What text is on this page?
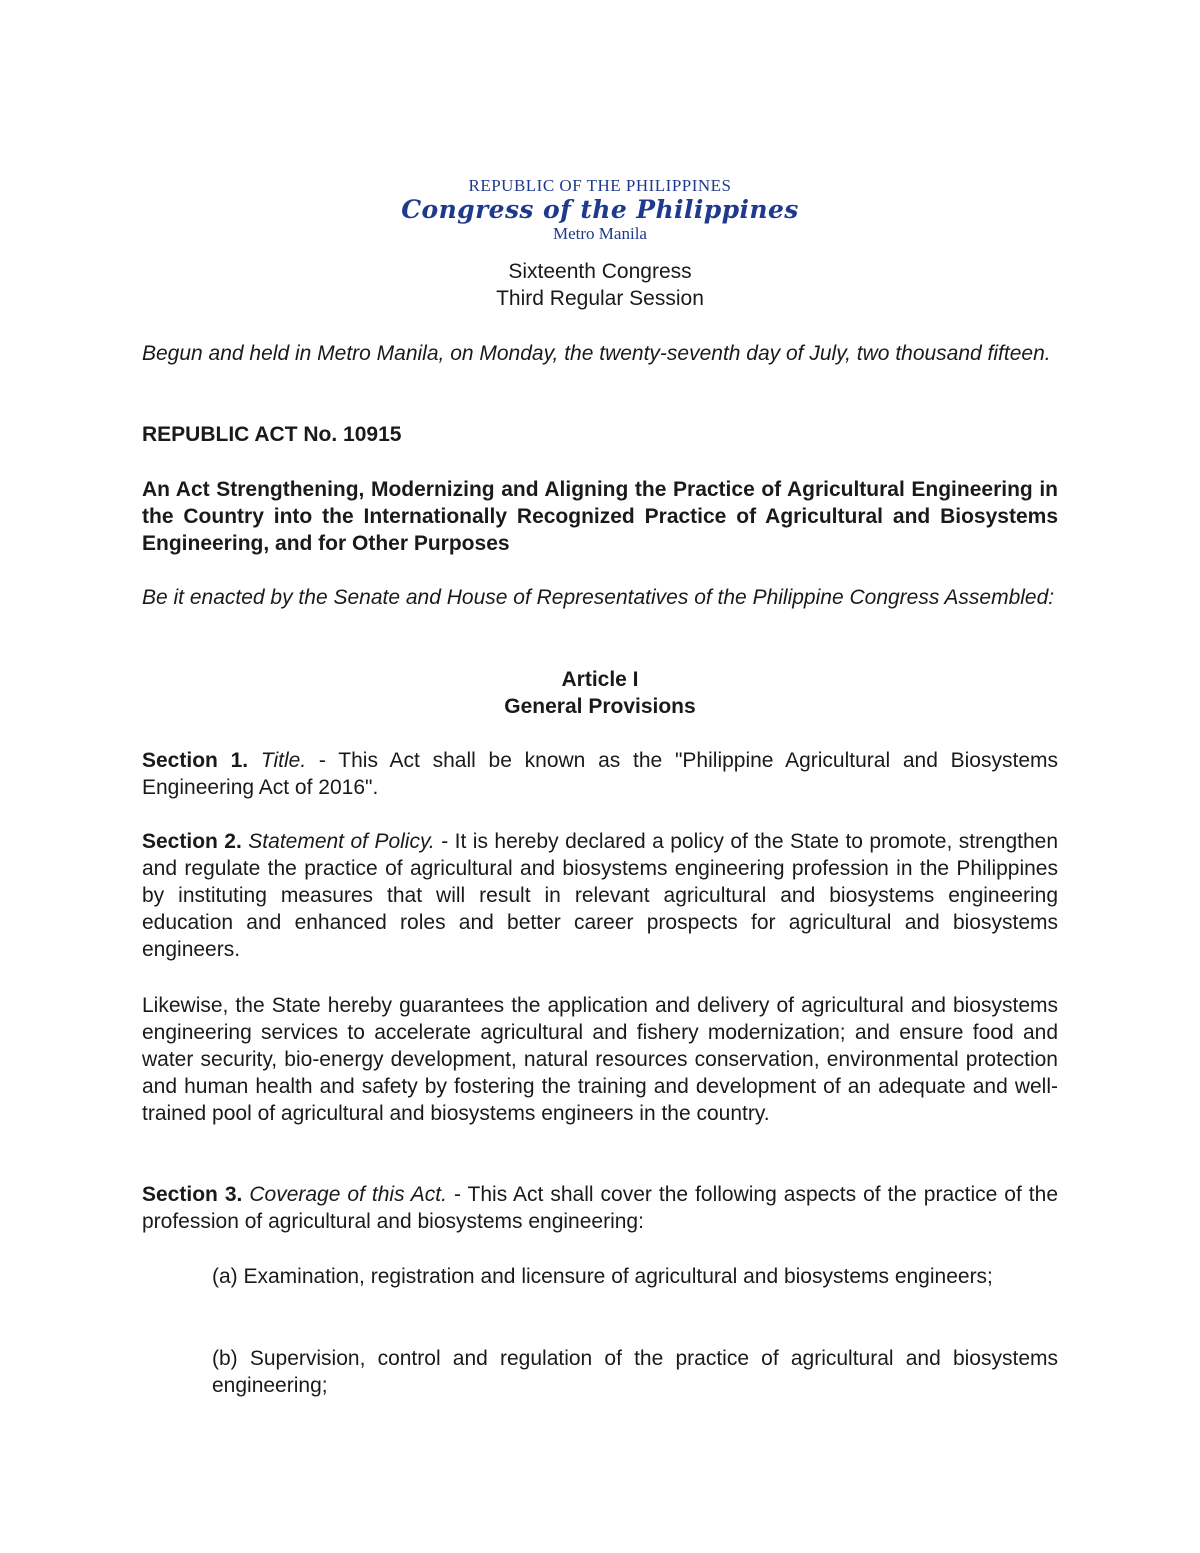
REPUBLIC OF THE PHILIPPINES
Congress of the Philippines
Metro Manila

Sixteenth Congress

Third Regular Session

Begun and held in Metro Manila, on Monday, the twenty-seventh day of July, two thousand fifteen.

REPUBLIC ACT No. 10915

An Act Strengthening, Modernizing and Aligning the Practice of Agricultural Engineering in the Country into the Internationally Recognized Practice of Agricultural and Biosystems Engineering, and for Other Purposes

Be it enacted by the Senate and House of Representatives of the Philippine Congress Assembled:

Article I

General Provisions

Section 1. Title. - This Act shall be known as the "Philippine Agricultural and Biosystems Engineering Act of 2016".

Section 2. Statement of Policy. - It is hereby declared a policy of the State to promote, strengthen and regulate the practice of agricultural and biosystems engineering profession in the Philippines by instituting measures that will result in relevant agricultural and biosystems engineering education and enhanced roles and better career prospects for agricultural and biosystems engineers.

Likewise, the State hereby guarantees the application and delivery of agricultural and biosystems engineering services to accelerate agricultural and fishery modernization; and ensure food and water security, bio-energy development, natural resources conservation, environmental protection and human health and safety by fostering the training and development of an adequate and well-trained pool of agricultural and biosystems engineers in the country.

Section 3. Coverage of this Act. - This Act shall cover the following aspects of the practice of the profession of agricultural and biosystems engineering:

(a) Examination, registration and licensure of agricultural and biosystems engineers;

(b) Supervision, control and regulation of the practice of agricultural and biosystems engineering;
